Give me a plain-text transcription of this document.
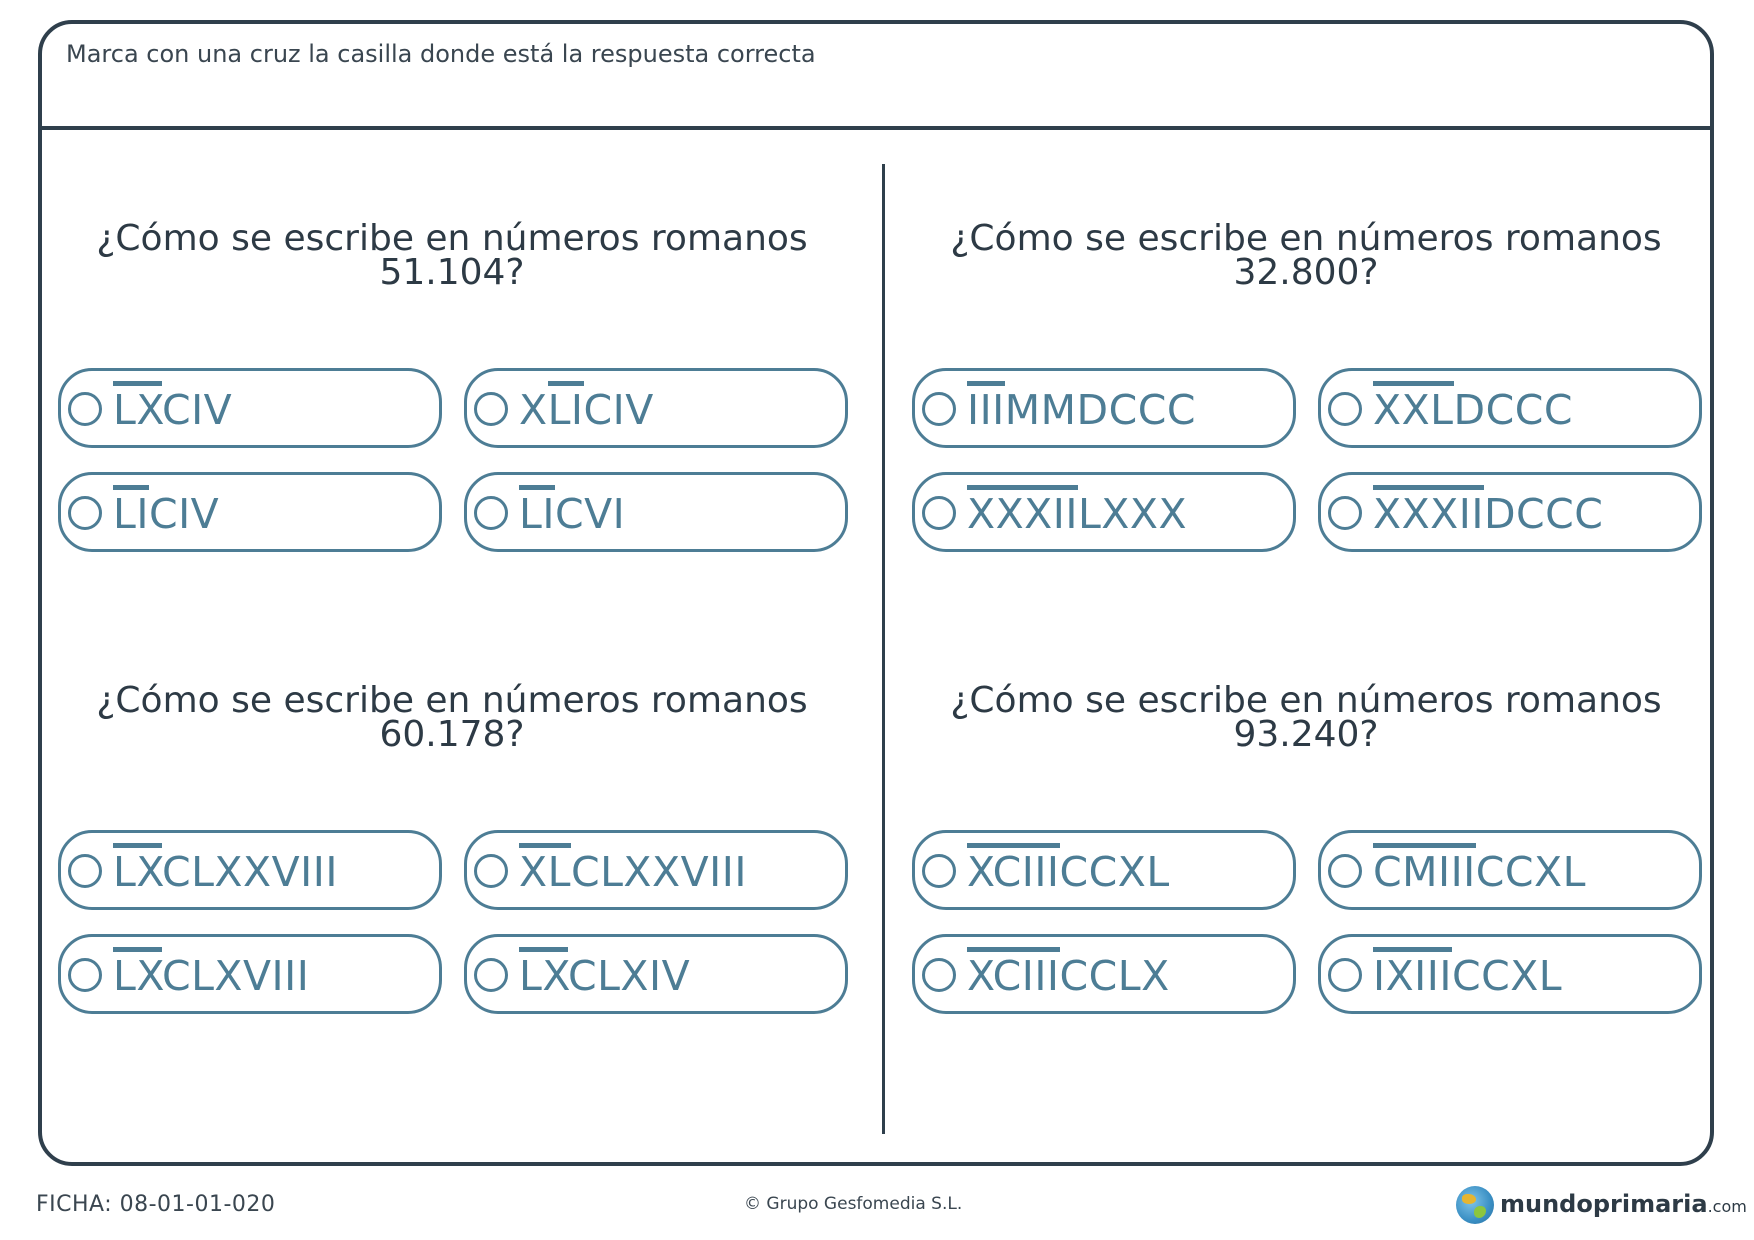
Marca con una cruz la casilla donde está la respuesta correcta
¿Cómo se escribe en números romanos
51.104?
LXCIV	XLICIV
LICIV	LICVI
¿Cómo se escribe en números romanos
32.800?
IIIMMDCCC	XXLDCCC
XXXIILXXX	XXXIIDCCC
¿Cómo se escribe en números romanos
60.178?
LXCLXXVIII	XLCLXXVIII
LXCLXVIII	LXCLXIV
¿Cómo se escribe en números romanos
93.240?
XCIIICCXL	CMIIICCXL
XCIIICCLX	IXIIICCXL
FICHA: 08-01-01-020	© Grupo Gesfomedia S.L.	mundoprimaria.com
